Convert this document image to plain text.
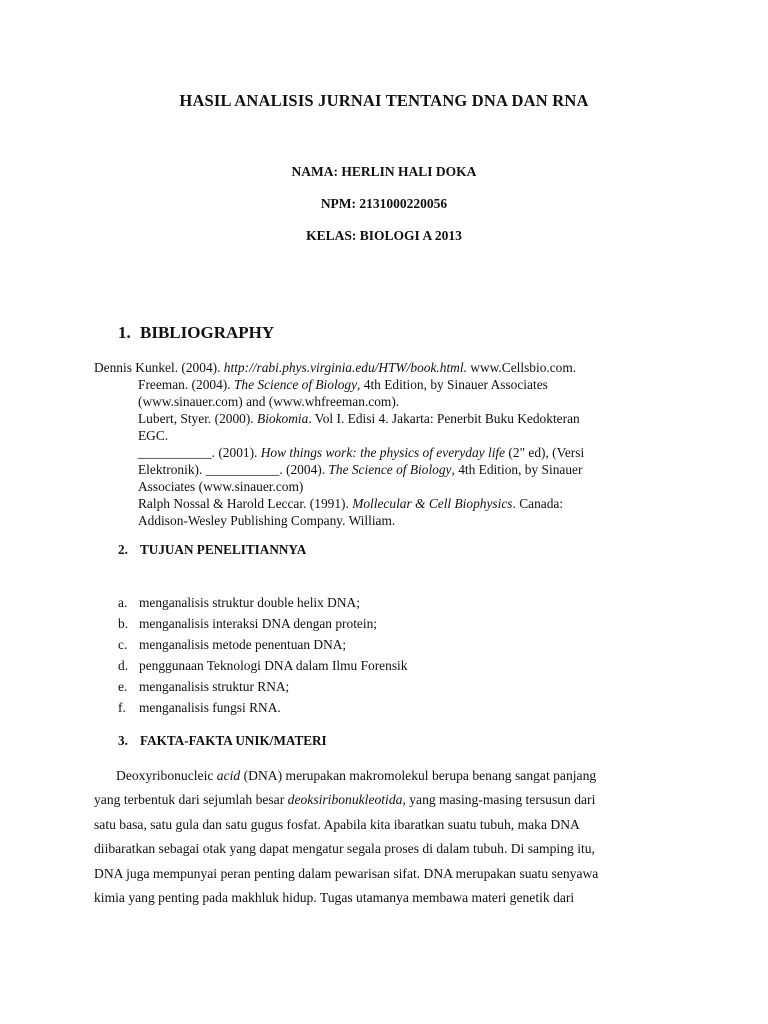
HASIL ANALISIS JURNAI TENTANG DNA DAN RNA
NAMA: HERLIN HALI DOKA
NPM: 2131000220056
KELAS: BIOLOGI A 2013
1. BIBLIOGRAPHY

Dennis Kunkel. (2004). http://rabi.phys.virginia.edu/HTW/book.html. www.Cellsbio.com.

Freeman. (2004). The Science of Biology, 4th Edition, by Sinauer Associates

(www.sinauer.com) and (www.whfreeman.com).

Lubert, Styer. (2000). Biokomia. Vol I. Edisi 4. Jakarta: Penerbit Buku Kedokteran

EGC.

___________. (2001). How things work: the physics of everyday life (2" ed), (Versi

Elektronik). ___________. (2004). The Science of Biology, 4th Edition, by Sinauer

Associates (www.sinauer.com)

Ralph Nossal & Harold Leccar. (1991). Mollecular & Cell Biophysics. Canada:

Addison-Wesley Publishing Company. William.

2. TUJUAN PENELITIANNYA
a. menganalisis struktur double helix DNA;
b. menganalisis interaksi DNA dengan protein;
c. menganalisis metode penentuan DNA;
d. penggunaan Teknologi DNA dalam Ilmu Forensik
e. menganalisis struktur RNA;
f. menganalisis fungsi RNA.
3. FAKTA-FAKTA UNIK/MATERI
Deoxyribonucleic acid (DNA) merupakan makromolekul berupa benang sangat panjang
yang terbentuk dari sejumlah besar deoksiribonukleotida, yang masing-masing tersusun dari
satu basa, satu gula dan satu gugus fosfat. Apabila kita ibaratkan suatu tubuh, maka DNA
diibaratkan sebagai otak yang dapat mengatur segala proses di dalam tubuh. Di samping itu,
DNA juga mempunyai peran penting dalam pewarisan sifat. DNA merupakan suatu senyawa
kimia yang penting pada makhluk hidup. Tugas utamanya membawa materi genetik dari
